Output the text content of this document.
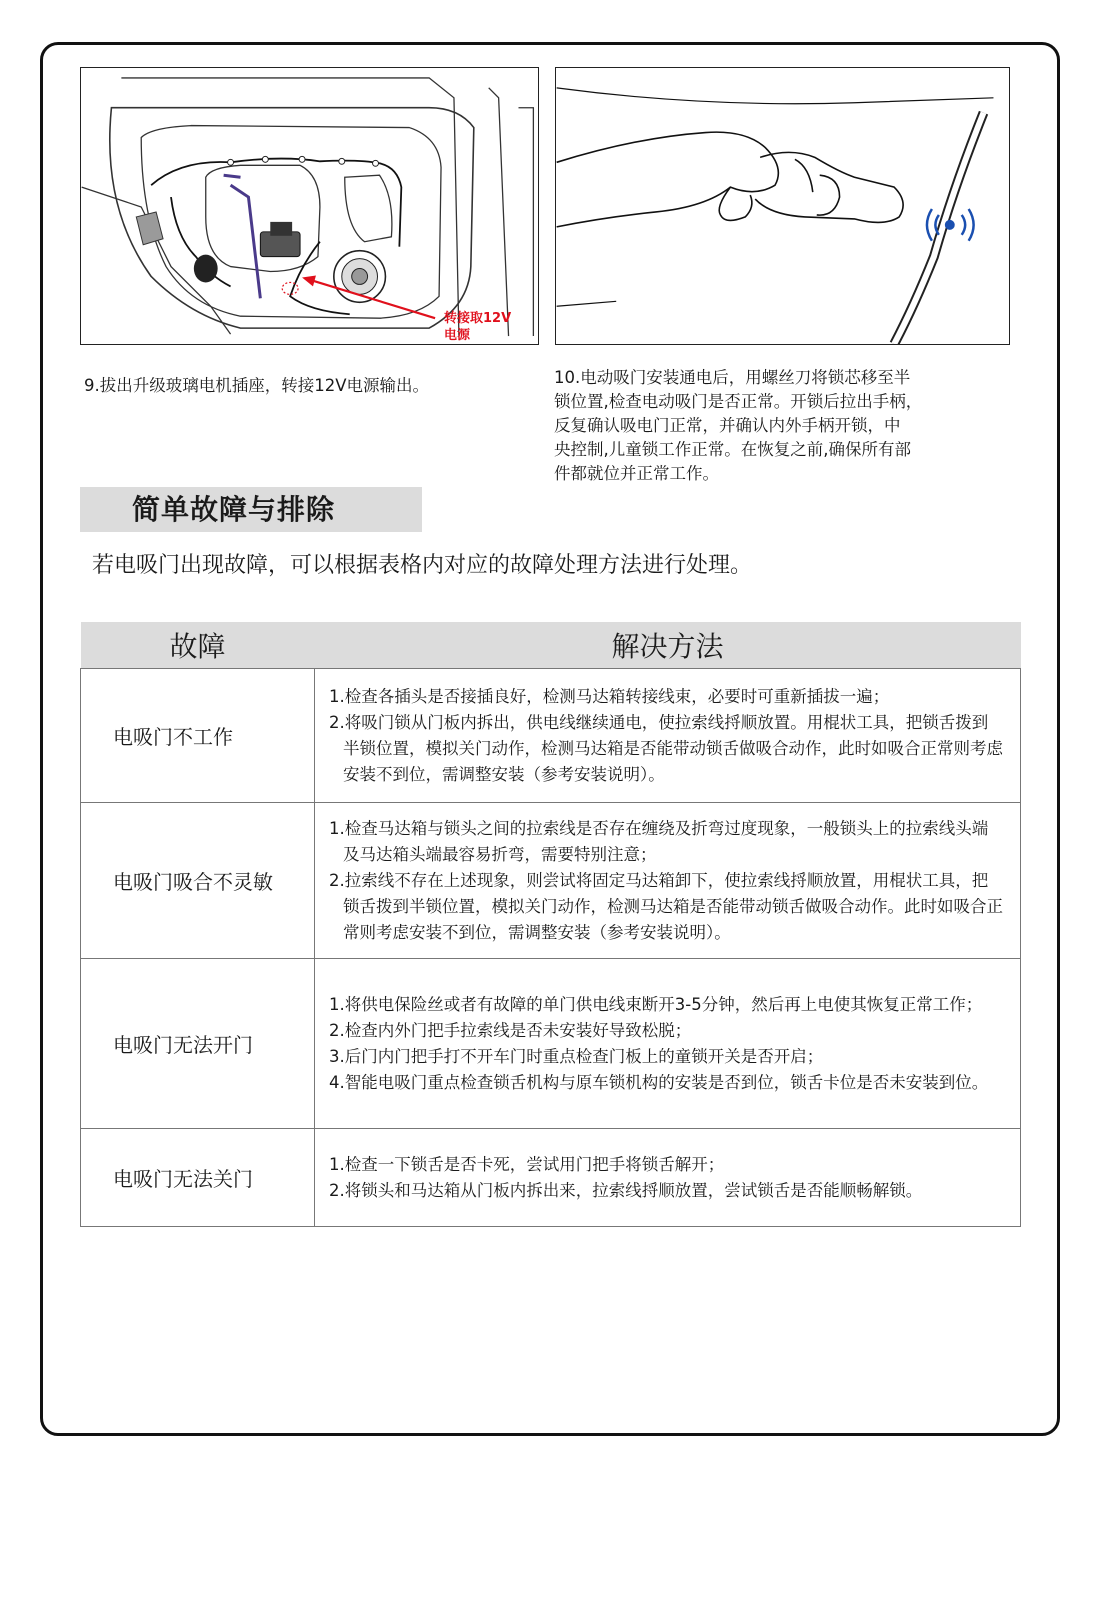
转接取12V
电源
9.拔出升级玻璃电机插座，转接12V电源输出。	10.电动吸门安装通电后，用螺丝刀将锁芯移至半
锁位置,检查电动吸门是否正常。开锁后拉出手柄，
反复确认吸电门正常，并确认内外手柄开锁，中
央控制,儿童锁工作正常。在恢复之前,确保所有部
件都就位并正常工作。
简单故障与排除
若电吸门出现故障，可以根据表格内对应的故障处理方法进行处理。
故障	解决方法
电吸门不工作	1.检查各插头是否接插良好，检测马达箱转接线束，必要时可重新插拔一遍；
2.将吸门锁从门板内拆出，供电线继续通电，使拉索线捋顺放置。用棍状工具，把锁舌拨到半锁位置，模拟关门动作，检测马达箱是否能带动锁舌做吸合动作，此时如吸合正常则考虑安装不到位，需调整安装（参考安装说明）。

电吸门吸合不灵敏	1.检查马达箱与锁头之间的拉索线是否存在缠绕及折弯过度现象，一般锁头上的拉索线头端及马达箱头端最容易折弯，需要特别注意；
2.拉索线不存在上述现象，则尝试将固定马达箱卸下，使拉索线捋顺放置，用棍状工具，把锁舌拨到半锁位置，模拟关门动作，检测马达箱是否能带动锁舌做吸合动作。此时如吸合正常则考虑安装不到位，需调整安装（参考安装说明）。

电吸门无法开门	1.将供电保险丝或者有故障的单门供电线束断开3-5分钟，然后再上电使其恢复正常工作；
2.检查内外门把手拉索线是否未安装好导致松脱；
3.后门内门把手打不开车门时重点检查门板上的童锁开关是否开启；
4.智能电吸门重点检查锁舌机构与原车锁机构的安装是否到位，锁舌卡位是否未安装到位。

电吸门无法关门	1.检查一下锁舌是否卡死，尝试用门把手将锁舌解开；
2.将锁头和马达箱从门板内拆出来，拉索线捋顺放置，尝试锁舌是否能顺畅解锁。
